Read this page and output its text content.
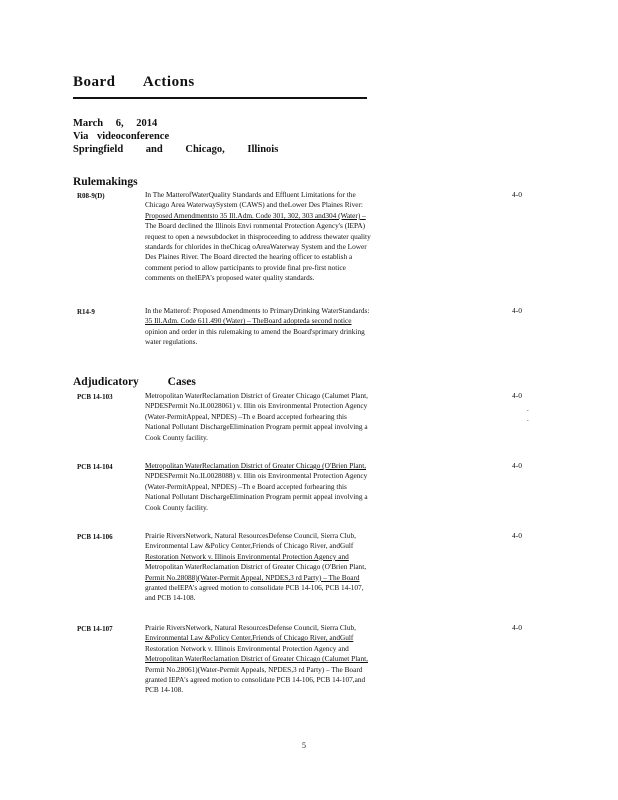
Board Actions
March 6, 2014
Via videoconference
Springfield and Chicago, Illinois
Rulemakings
R08-9(D)	4-0

In The MatterofWaterQuality Standards and Effluent Limitations for the

Chicago Area WaterwaySystem (CAWS) and theLower Des Plaines River:

Proposed Amendmentsto 35 Ill.Adm. Code 301, 302, 303 and304 (Water) –

The Board declined the Illinois Envi ronmental Protection Agency's (IEPA)

request to open a newsubdocket in thisproceeding to address thewater quality

standards for chlorides in theChicag oAreaWaterway System and the Lower

Des Plaines River. The Board directed the hearing officer to establish a

comment period to allow participants to provide final pre-first notice

comments on theIEPA's proposed water quality standards.

R14-9	4-0

In the Matterof: Proposed Amendments to PrimaryDrinking WaterStandards:

35 Ill.Adm. Code 611.490 (Water) – TheBoard adopteda second notice

opinion and order in this rulemaking to amend the Board'sprimary drinking

water regulations.

Adjudicatory Cases
PCB 14-103	4-0
.
.

Metropolitan WaterReclamation District of Greater Chicago (Calumet Plant,

NPDESPermit No.IL0028061) v. Illin ois Environmental Protection Agency

(Water-PermitAppeal, NPDES) –Th e Board accepted forhearing this

National Pollutant DischargeElimination Program permit appeal involving a

Cook County facility.

PCB 14-104	4-0

Metropolitan WaterReclamation District of Greater Chicago (O'Brien Plant,

NPDESPermit No.IL0028088) v. Illin ois Environmental Protection Agency

(Water-PermitAppeal, NPDES) –Th e Board accepted forhearing this

National Pollutant DischargeElimination Program permit appeal involving a

Cook County facility.

PCB 14-106	4-0

Prairie RiversNetwork, Natural ResourcesDefense Council, Sierra Club,

Environmental Law &Policy Center,Friends of Chicago River, andGulf

Restoration Network v. Illinois Environmental Protection Agency and

Metropolitan WaterReclamation District of Greater Chicago (O'Brien Plant,

Permit No.28088)(Water-Permit Appeal, NPDES,3 rd Party) – The Board

granted theIEPA's agreed motion to consolidate PCB 14-106, PCB 14-107,

and PCB 14-108.

PCB 14-107	4-0

Prairie RiversNetwork, Natural ResourcesDefense Council, Sierra Club,

Environmental Law &Policy Center,Friends of Chicago River, andGulf

Restoration Network v. Illinois Environmental Protection Agency and

Metropolitan WaterReclamation District of Greater Chicago (Calumet Plant,

Permit No.28061)(Water-Permit Appeals, NPDES,3 rd Party) – The Board

granted IEPA's agreed motion to consolidate PCB 14-106, PCB 14-107,and

PCB 14-108.

5
